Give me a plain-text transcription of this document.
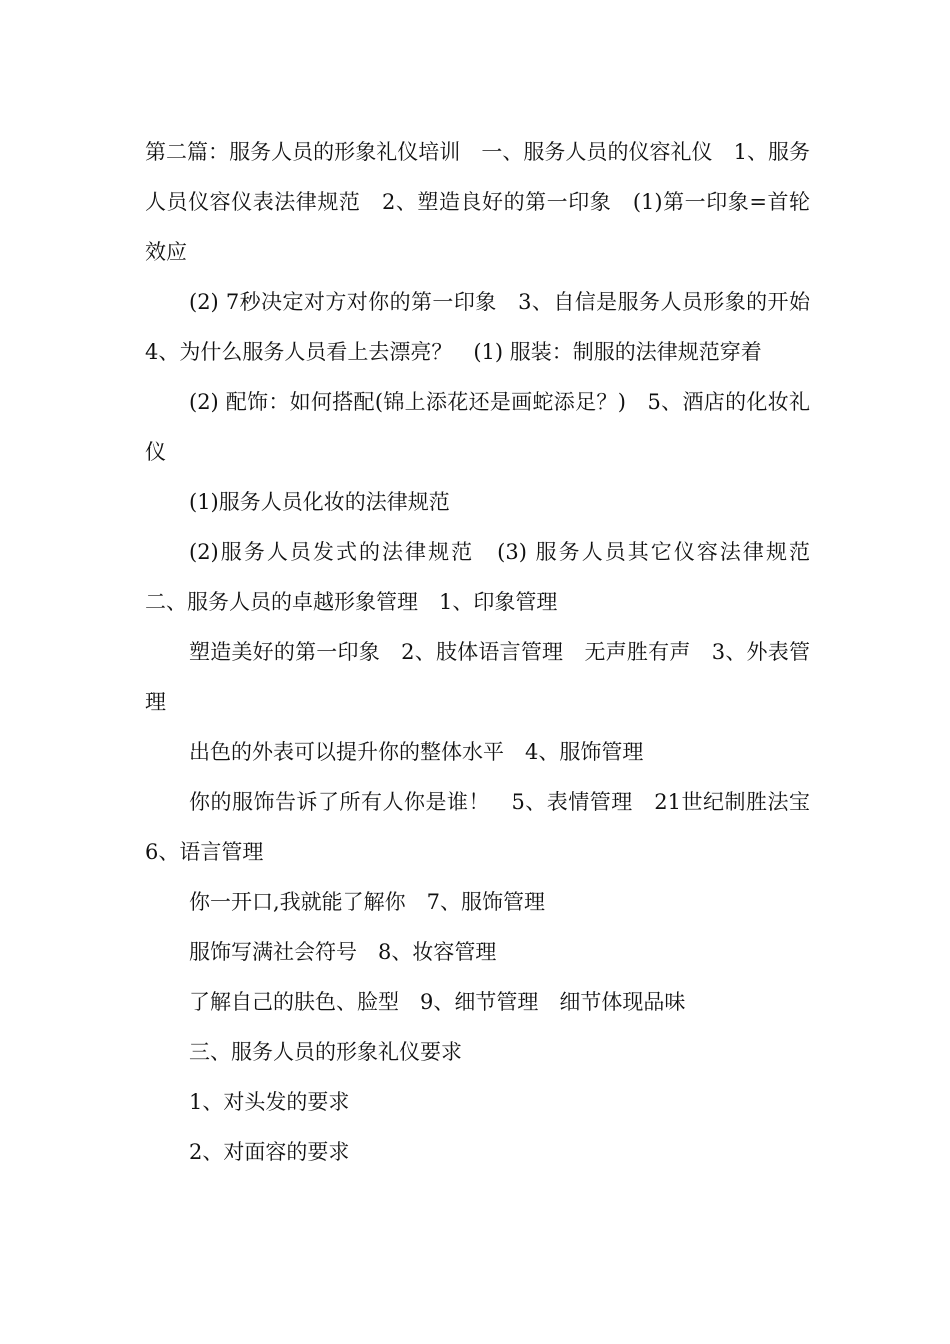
第二篇：服务人员的形象礼仪培训　一、服务人员的仪容礼仪　1、服务人员仪容仪表法律规范　2、塑造良好的第一印象　(1)第一印象=首轮效应

(2) 7秒决定对方对你的第一印象　3、自信是服务人员形象的开始　4、为什么服务人员看上去漂亮？　(1) 服装：制服的法律规范穿着

(2) 配饰：如何搭配(锦上添花还是画蛇添足？)　5、酒店的化妆礼仪

(1)服务人员化妆的法律规范

(2)服务人员发式的法律规范　(3) 服务人员其它仪容法律规范　二、服务人员的卓越形象管理　1、印象管理

塑造美好的第一印象　2、肢体语言管理　无声胜有声　3、外表管理

出色的外表可以提升你的整体水平　4、服饰管理

你的服饰告诉了所有人你是谁！　5、表情管理　21世纪制胜法宝　6、语言管理

你一开口,我就能了解你　7、服饰管理

服饰写满社会符号　8、妆容管理

了解自己的肤色、脸型　9、细节管理　细节体现品味

三、服务人员的形象礼仪要求

1、对头发的要求

2、对面容的要求
